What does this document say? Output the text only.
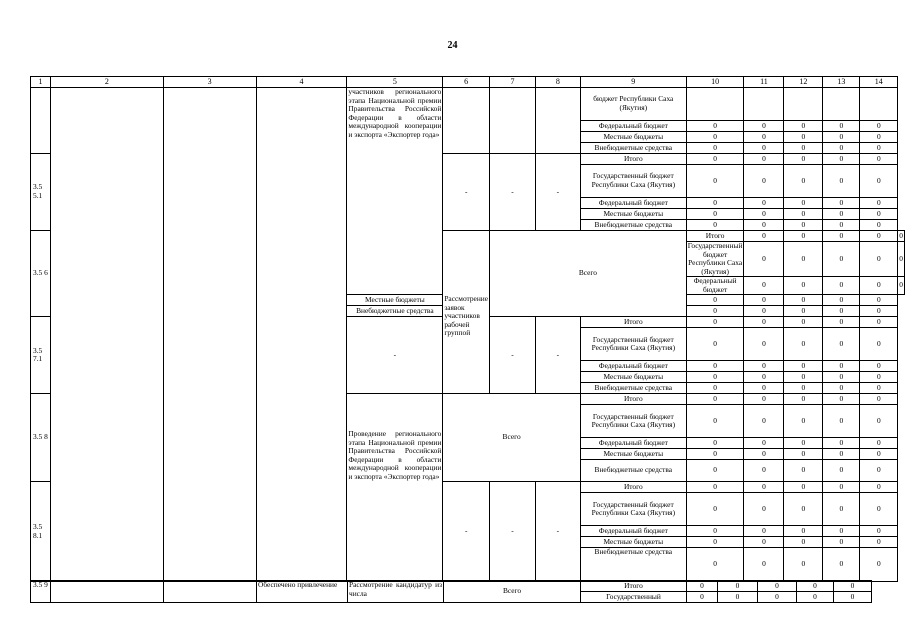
24
1	2	3	4	5	6	7	8	9	10	11	12	13	14	
				участников регионального этапа Национальной премии Правительства Российской Федерации в области международной кооперации и экспорта «Экспортер года»				бюджет Республики Саха (Якутия)						
								Федеральный бюджет	0	0	0	0	0	
								Местные бюджеты	0	0	0	0	0	
								Внебюджетные средства	0	0	0	0	0	
3.5 5.1					-	-	-	Итого	0	0	0	0	0	
								Государственный бюджет Республики Саха (Якутия)	0	0	0	0	0	
								Федеральный бюджет	0	0	0	0	0	
								Местные бюджеты	0	0	0	0	0	
								Внебюджетные средства	0	0	0	0	0	
3.5 6					Рассмотрение заявок участников рабочей группой	Всего			Итого	0	0	0	0	0
									Государственный бюджет Республики Саха (Якутия)	0	0	0	0	0
									Федеральный бюджет	0	0	0	0	0
				Местные бюджеты					0	0	0	0	0	
				Внебюджетные средства					0	0	0	0	0	
3.5 7.1				-		-	-	Итого	0	0	0	0	0	
								Государственный бюджет Республики Саха (Якутия)	0	0	0	0	0	
								Федеральный бюджет	0	0	0	0	0	
								Местные бюджеты	0	0	0	0	0	
								Внебюджетные средства	0	0	0	0	0	
3.5 8				Проведение регионального этапа Национальной премии Правительства Российской Федерации в области международной кооперации и экспорта «Экспортер года»	Всего			Итого	0	0	0	0	0	
								Государственный бюджет Республики Саха (Якутия)	0	0	0	0	0	
								Федеральный бюджет	0	0	0	0	0	
								Местные бюджеты	0	0	0	0	0	
								Внебюджетные средства	0	0	0	0	0	
3.5 8.1					-	-	-	Итого	0	0	0	0	0	
								Государственный бюджет Республики Саха (Якутия)	0	0	0	0	0	
								Федеральный бюджет	0	0	0	0	0	
								Местные бюджеты	0	0	0	0	0	
								Внебюджетные средства	0	0	0	0	0	
3.5 9			Обеспечено привлечение	Рассмотрение кандидатур из числа	Всего	Итого	0	0	0	0	0
						Государственный	0	0	0	0	0
